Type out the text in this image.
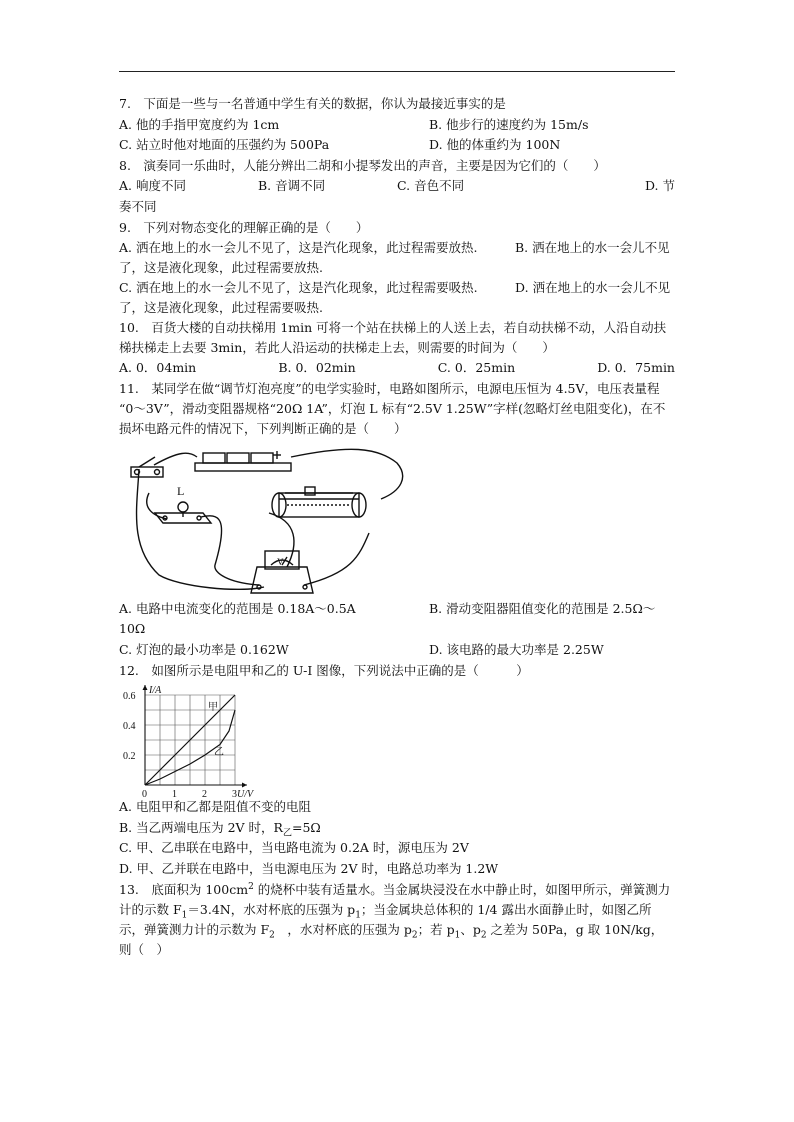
7.　下面是一些与一名普通中学生有关的数据，你认为最接近事实的是
A. 他的手指甲宽度约为 1cm	B. 他步行的速度约为 15m/s
C. 站立时他对地面的压强约为 500Pa	D. 他的体重约为 100N
8.　演奏同一乐曲时，人能分辨出二胡和小提琴发出的声音，主要是因为它们的（　　）
A. 响度不同	B. 音调不同	C. 音色不同	D. 节
奏不同
9.　下列对物态变化的理解正确的是（　　）
A. 洒在地上的水一会儿不见了，这是汽化现象，此过程需要放热.　　　B. 洒在地上的水一会儿不见了，这是液化现象，此过程需要放热.
C. 洒在地上的水一会儿不见了，这是汽化现象，此过程需要吸热.　　　D. 洒在地上的水一会儿不见了，这是液化现象，此过程需要吸热.
10.　百货大楼的自动扶梯用 1min 可将一个站在扶梯上的人送上去，若自动扶梯不动，人沿自动扶梯扶梯走上去要 3min，若此人沿运动的扶梯走上去，则需要的时间为（　　）
A. 0．04min	B. 0．02min	C. 0．25min	D. 0．75min
11.　某同学在做“调节灯泡亮度”的电学实验时，电路如图所示，电源电压恒为 4.5V，电压表量程 “0～3V”，滑动变阻器规格“20Ω 1A”，灯泡 L 标有“2.5V 1.25W”字样(忽略灯丝电阻变化)，在不损坏电路元件的情况下，下列判断正确的是（　　）
L
V
A. 电路中电流变化的范围是 0.18A～0.5A	B. 滑动变阻器阻值变化的范围是 2.5Ω～
10Ω
C. 灯泡的最小功率是 0.162W	D. 该电路的最大功率是 2.25W
12.　如图所示是电阻甲和乙的 U-I 图像，下列说法中正确的是（　　　）
0	1	2	3
0.2
0.4
0.6
U/V
I/A
甲
乙
A. 电阻甲和乙都是阻值不变的电阻
B. 当乙两端电压为 2V 时，$R_乙=5\Omega$
C. 甲、乙串联在电路中，当电路电流为 0.2A 时，源电压为 2V
D. 甲、乙并联在电路中，当电源电压为 2V 时，电路总功率为 1.2W
13.　底面积为 $100cm^2$ 的烧杯中装有适量水。当金属块浸没在水中静止时，如图甲所示，弹簧测力计的示数 $F_1=3.4N$，水对杯底的压强为 $p_1$；当金属块总体积的 1/4 露出水面静止时，如图乙所示，弹簧测力计的示数为 $F_2$　，水对杯底的压强为 $p_2$；若 $p_1$、$p_2$ 之差为 50Pa，g 取 10N/kg，则（　）
